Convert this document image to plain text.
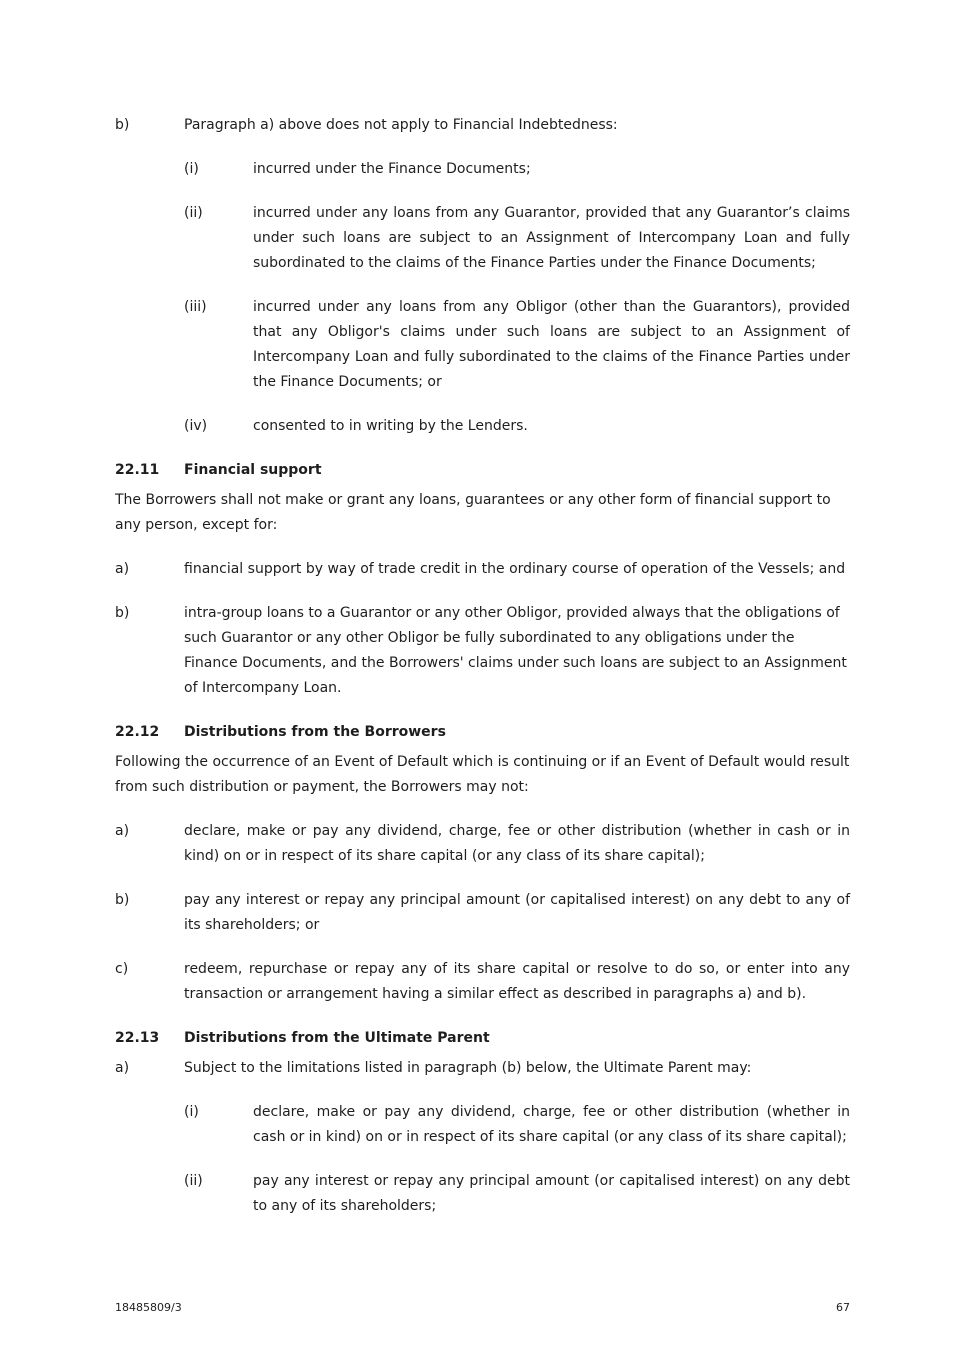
b)	Paragraph a) above does not apply to Financial Indebtedness:
(i)	incurred under the Finance Documents;
(ii)	incurred under any loans from any Guarantor, provided that any Guarantor’s claims under such loans are subject to an Assignment of Intercompany Loan and fully subordinated to the claims of the Finance Parties under the Finance Documents;
(iii)	incurred under any loans from any Obligor (other than the Guarantors), provided that any Obligor's claims under such loans are subject to an Assignment of Intercompany Loan and fully subordinated to the claims of the Finance Parties under the Finance Documents; or
(iv)	consented to in writing by the Lenders.
22.11 Financial support
The Borrowers shall not make or grant any loans, guarantees or any other form of financial support to any person, except for:
a)	financial support by way of trade credit in the ordinary course of operation of the Vessels; and
b)	intra-group loans to a Guarantor or any other Obligor, provided always that the obligations of such Guarantor or any other Obligor be fully subordinated to any obligations under the Finance Documents, and the Borrowers' claims under such loans are subject to an Assignment of Intercompany Loan.
22.12 Distributions from the Borrowers
Following the occurrence of an Event of Default which is continuing or if an Event of Default would result from such distribution or payment, the Borrowers may not:
a)	declare, make or pay any dividend, charge, fee or other distribution (whether in cash or in kind) on or in respect of its share capital (or any class of its share capital);
b)	pay any interest or repay any principal amount (or capitalised interest) on any debt to any of its shareholders; or
c)	redeem, repurchase or repay any of its share capital or resolve to do so, or enter into any transaction or arrangement having a similar effect as described in paragraphs a) and b).
22.13 Distributions from the Ultimate Parent
a)	Subject to the limitations listed in paragraph (b) below, the Ultimate Parent may:
(i)	declare, make or pay any dividend, charge, fee or other distribution (whether in cash or in kind) on or in respect of its share capital (or any class of its share capital);
(ii)	pay any interest or repay any principal amount (or capitalised interest) on any debt to any of its shareholders;
18485809/3	67
